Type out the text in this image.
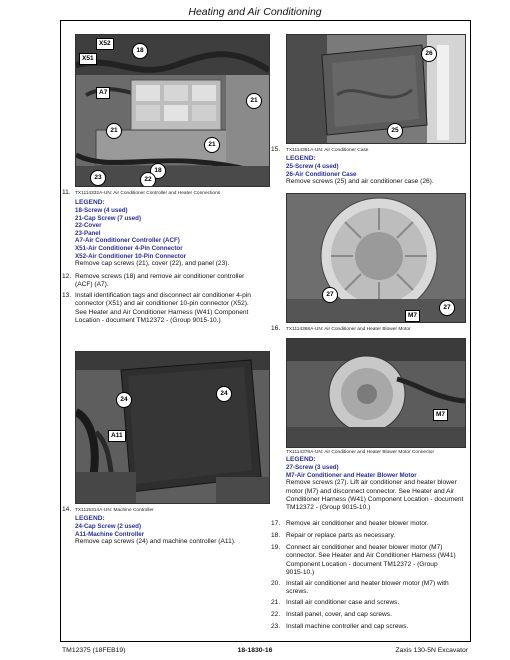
Heating and Air Conditioning
X52
X51
18
A7
21
21
21
18
23	22
11. TX1114332A-UN: Air Conditioner Controller and Heater Connections
LEGEND:
18-Screw (4 used)
21-Cap Screw (7 used)
22-Cover
23-Panel
A7-Air Conditioner Controller (ACF)
X51-Air Conditioner 4-Pin Connector
X52-Air Conditioner 10-Pin Connector
Remove cap screws (21), cover (22), and panel (23).
12. Remove screws (18) and remove air conditioner controller
(ACF) (A7).
13. Install identification tags and disconnect air conditioner 4-pin
connector (X51) and air conditioner 10-pin connector (X52).
See Heater and Air Conditioner Harness (W41) Component
Location - document TM12372 - (Group 9015-10.)
24
24
A11
14. TX1115314A-UN: Machine Controller
LEGEND:
24-Cap Screw (2 used)
A11-Machine Controller
Remove cap screws (24) and machine controller (A11).
26
25
15. TX1114361A-UN: Air Conditioner Case
LEGEND:
25-Screw (4 used)
26-Air Conditioner Case
Remove screws (25) and air conditioner case (26).
27
M7
27
16. TX1114368A-UN: Air Conditioner and Heater Blower Motor
M7
TX1114378A-UN: Air Conditioner and Heater Blower Motor Connector
LEGEND:
27-Screw (3 used)
M7-Air Conditioner and Heater Blower Motor
Remove screws (27). Lift air conditioner and heater blower
motor (M7) and disconnect connector. See Heater and Air
Conditioner Harness (W41) Component Location - document
TM12372 - (Group 9015-10.)
17. Remove air conditioner and heater blower motor.
18. Repair or replace parts as necessary.
19. Connect air conditioner and heater blower motor (M7)
connector. See Heater and Air Conditioner Harness (W41)
Component Location - document TM12372 - (Group
9015-10.)
20. Install air conditioner and heater blower motor (M7) with
screws.
21. Install air conditioner case and screws.
22. Install panel, cover, and cap screws.
23. Install machine controller and cap screws.
TM12375 (18FEB19)	18-1830-16	Zaxis 130-5N Excavator
